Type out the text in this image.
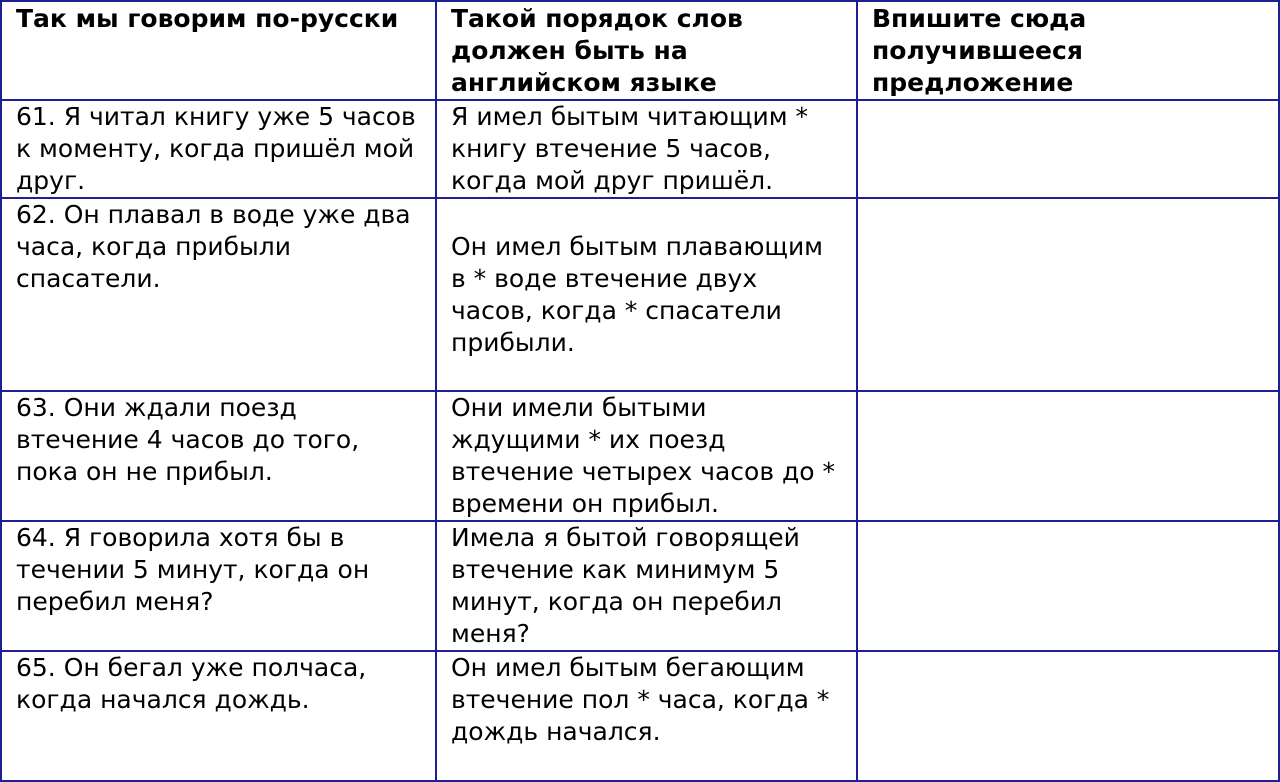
Так мы говорим по-русски	Такой порядок слов должен быть на английском языке	Впишите сюда получившееся предложение
61. Я читал книгу уже 5 часов к моменту, когда пришёл мой друг.	Я имел бытым читающим * книгу втечение 5 часов, когда мой друг пришёл.	
62. Он плавал в воде уже два часа, когда прибыли спасатели.	Он имел бытым плавающим в * воде втечение двух часов, когда * спасатели прибыли.	
63. Они ждали поезд втечение 4 часов до того, пока он не прибыл.	Они имели бытыми ждущими * их поезд втечение четырех часов до * времени он прибыл.	
64. Я говорила хотя бы в течении 5 минут, когда он перебил меня?	Имела я бытой говорящей втечение как минимум 5 минут, когда он перебил меня?	
65. Он бегал уже полчаса, когда начался дождь.	Он имел бытым бегающим втечение пол * часа, когда * дождь начался.	
